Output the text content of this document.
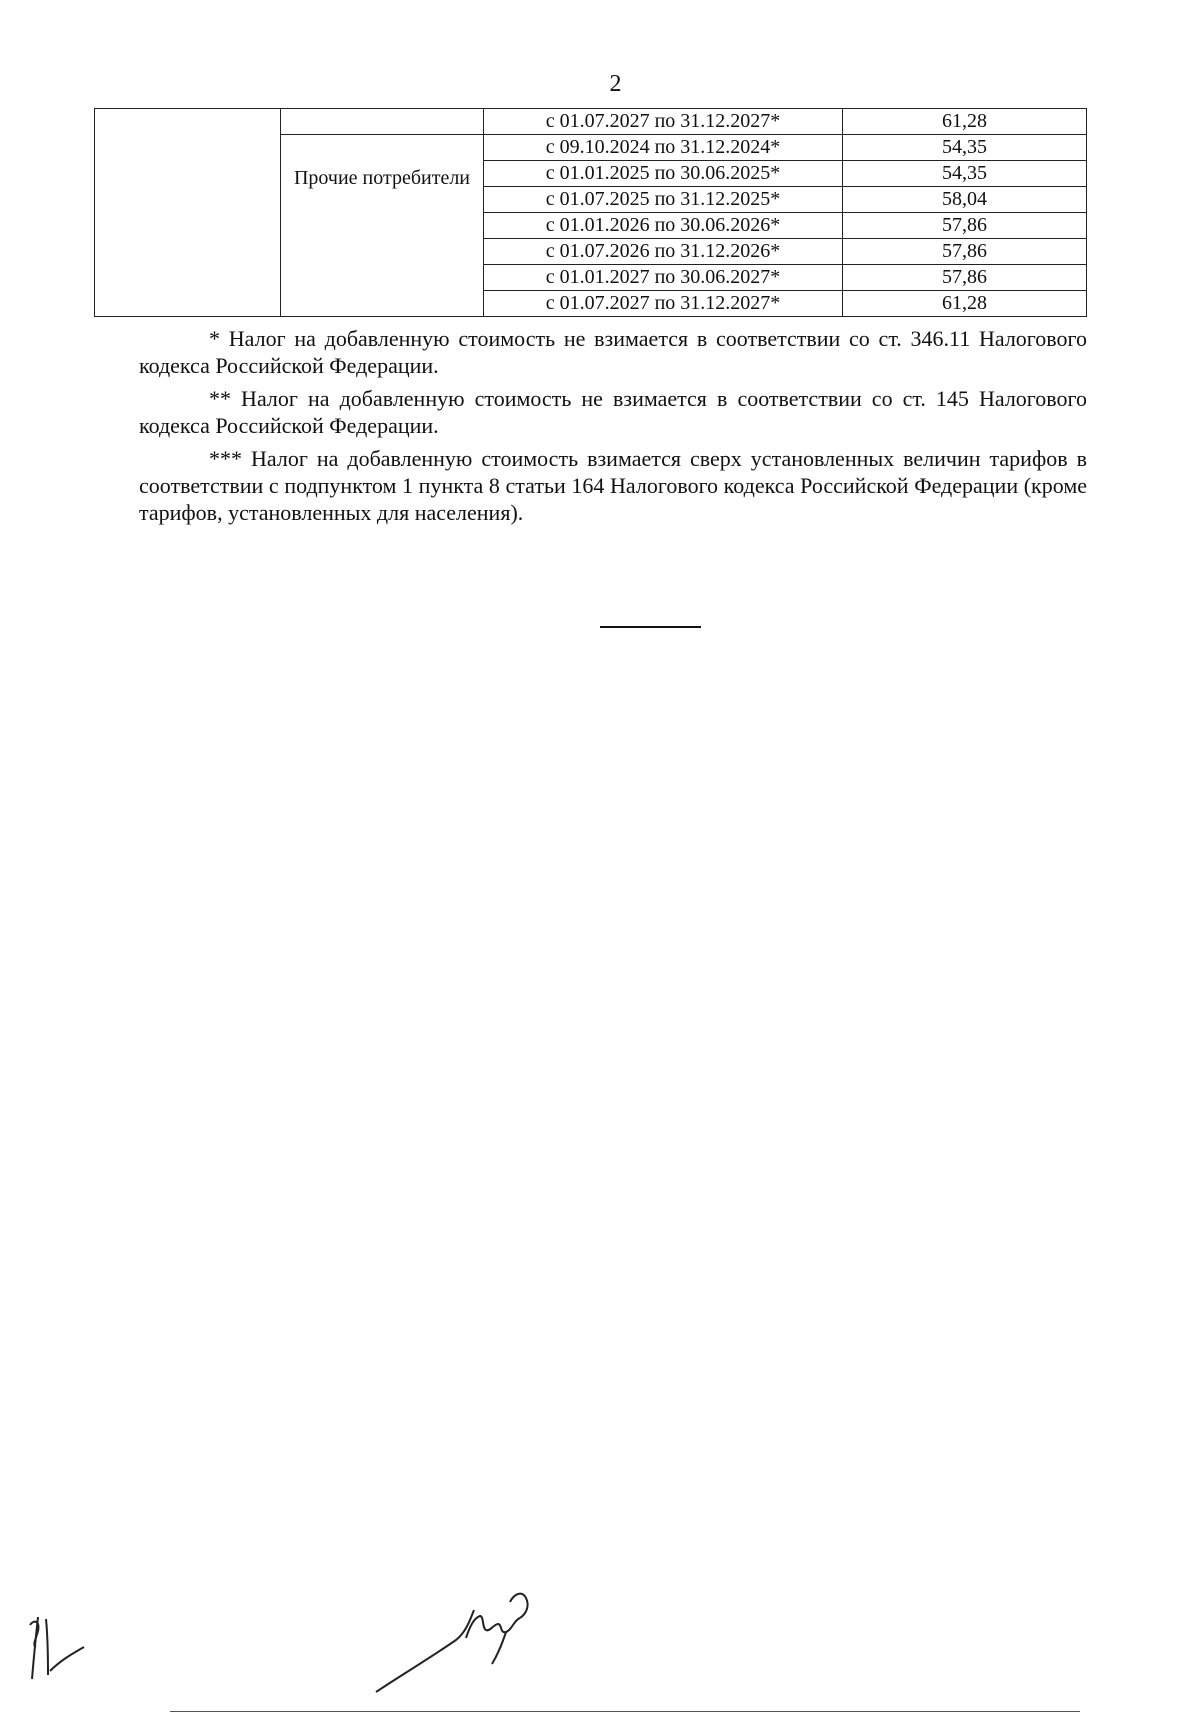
2
		с 01.07.2027 по 31.12.2027*	61,28
	Прочие потребители	с 09.10.2024 по 31.12.2024*	54,35
		с 01.01.2025 по 30.06.2025*	54,35
		с 01.07.2025 по 31.12.2025*	58,04
		с 01.01.2026 по 30.06.2026*	57,86
		с 01.07.2026 по 31.12.2026*	57,86
		с 01.01.2027 по 30.06.2027*	57,86
		с 01.07.2027 по 31.12.2027*	61,28

* Налог на добавленную стоимость не взимается в соответствии со ст. 346.11 Налогового кодекса Российской Федерации.

** Налог на добавленную стоимость не взимается в соответствии со ст. 145 Налогового кодекса Российской Федерации.

*** Налог на добавленную стоимость взимается сверх установленных величин тарифов в соответствии с подпунктом 1 пункта 8 статьи 164 Налогового кодекса Российской Федерации (кроме тарифов, установленных для населения).
